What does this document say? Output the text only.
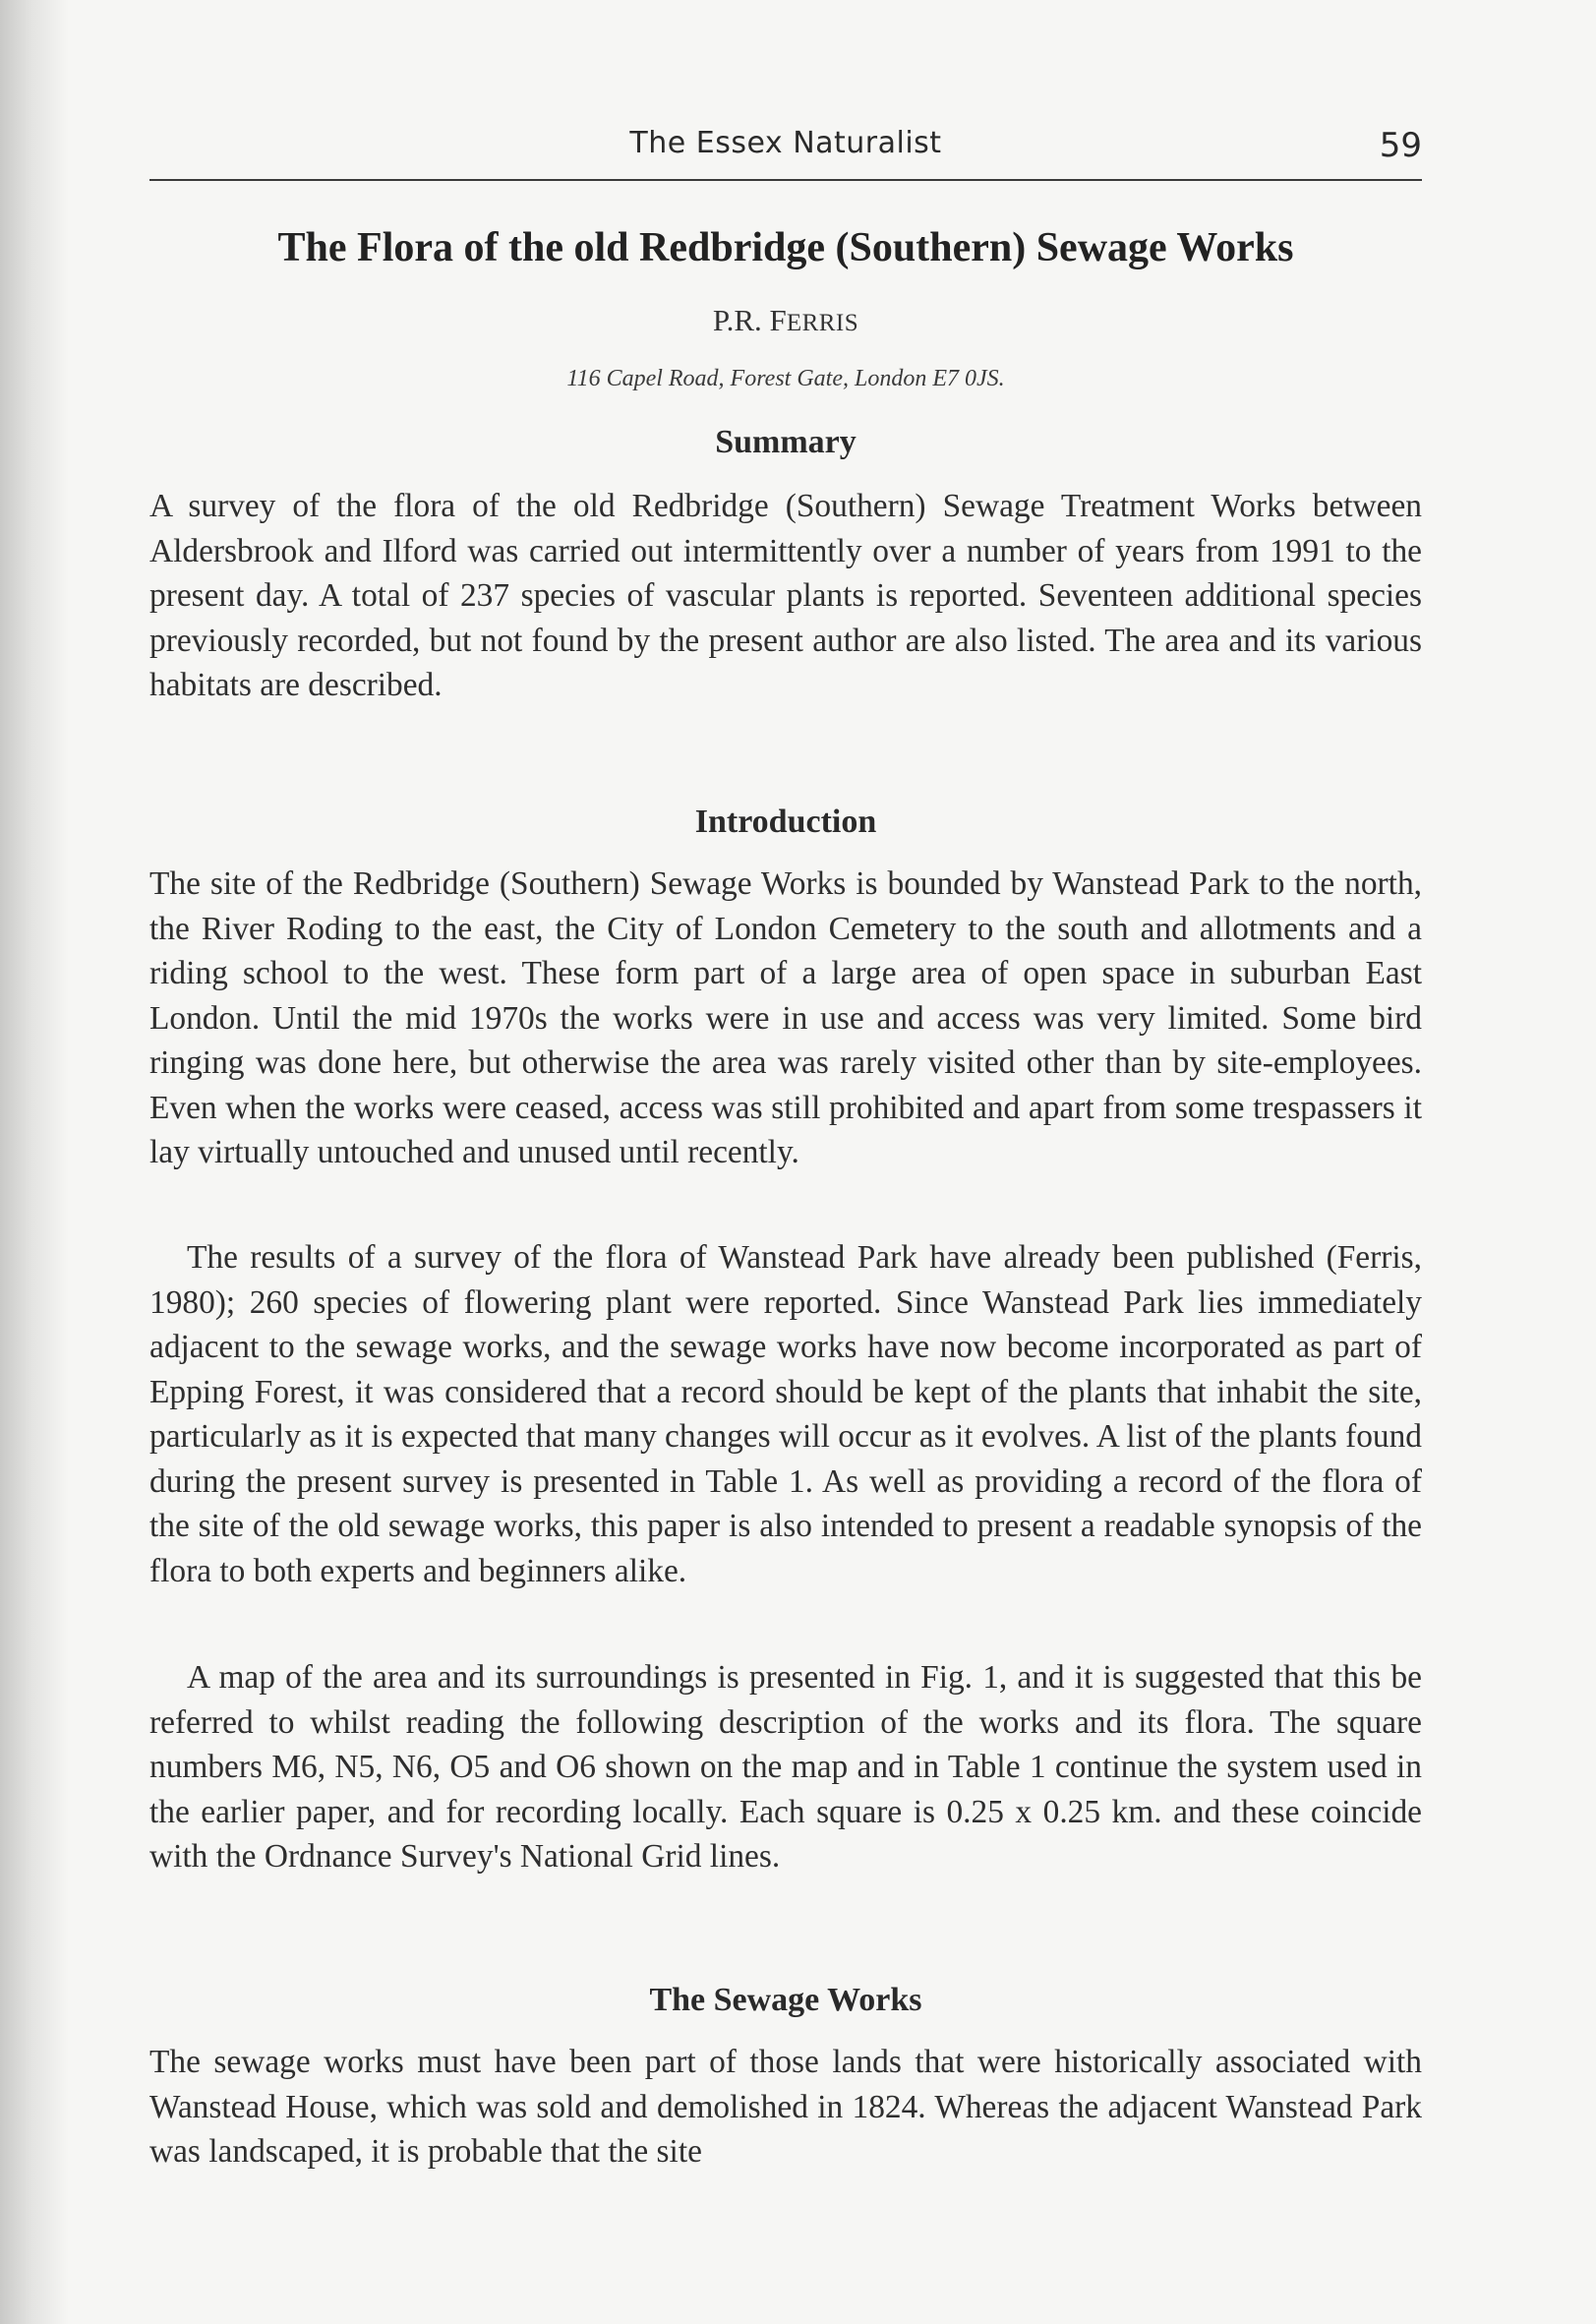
The Essex Naturalist	59
The Flora of the old Redbridge (Southern) Sewage Works
P.R. FERRIS
116 Capel Road, Forest Gate, London E7 0JS.
Summary

A survey of the flora of the old Redbridge (Southern) Sewage Treatment Works between Aldersbrook and Ilford was carried out intermittently over a number of years from 1991 to the present day. A total of 237 species of vascular plants is reported. Seventeen additional species previously recorded, but not found by the present author are also listed. The area and its various habitats are described.

Introduction

The site of the Redbridge (Southern) Sewage Works is bounded by Wanstead Park to the north, the River Roding to the east, the City of London Cemetery to the south and allotments and a riding school to the west. These form part of a large area of open space in suburban East London. Until the mid 1970s the works were in use and access was very limited. Some bird ringing was done here, but otherwise the area was rarely visited other than by site-employees. Even when the works were ceased, access was still prohibited and apart from some trespassers it lay virtually untouched and unused until recently.

The results of a survey of the flora of Wanstead Park have already been published (Ferris, 1980); 260 species of flowering plant were reported. Since Wanstead Park lies immediately adjacent to the sewage works, and the sewage works have now become incorporated as part of Epping Forest, it was considered that a record should be kept of the plants that inhabit the site, particularly as it is expected that many changes will occur as it evolves. A list of the plants found during the present survey is presented in Table 1. As well as providing a record of the flora of the site of the old sewage works, this paper is also intended to present a readable synopsis of the flora to both experts and beginners alike.

A map of the area and its surroundings is presented in Fig. 1, and it is suggested that this be referred to whilst reading the following description of the works and its flora. The square numbers M6, N5, N6, O5 and O6 shown on the map and in Table 1 continue the system used in the earlier paper, and for recording locally. Each square is 0.25 x 0.25 km. and these coincide with the Ordnance Survey's National Grid lines.

The Sewage Works

The sewage works must have been part of those lands that were historically associated with Wanstead House, which was sold and demolished in 1824. Whereas the adjacent Wanstead Park was landscaped, it is probable that the site
